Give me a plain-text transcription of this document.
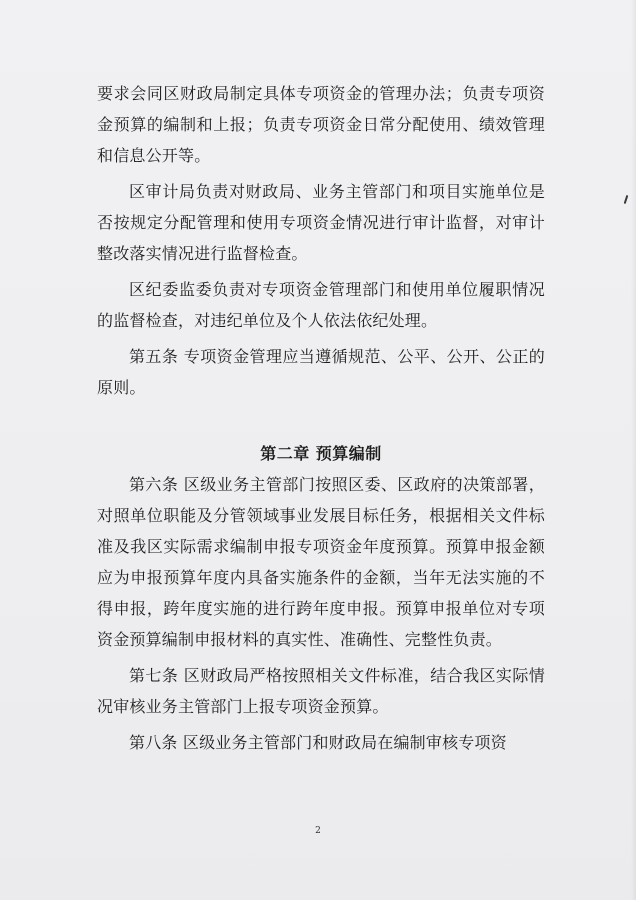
要求会同区财政局制定具体专项资金的管理办法；负责专项资金预算的编制和上报；负责专项资金日常分配使用、绩效管理和信息公开等。

区审计局负责对财政局、业务主管部门和项目实施单位是否按规定分配管理和使用专项资金情况进行审计监督，对审计整改落实情况进行监督检查。

区纪委监委负责对专项资金管理部门和使用单位履职情况的监督检查，对违纪单位及个人依法依纪处理。

第五条 专项资金管理应当遵循规范、公平、公开、公正的原则。

第二章 预算编制

第六条 区级业务主管部门按照区委、区政府的决策部署，对照单位职能及分管领域事业发展目标任务，根据相关文件标准及我区实际需求编制申报专项资金年度预算。预算申报金额应为申报预算年度内具备实施条件的金额，当年无法实施的不得申报，跨年度实施的进行跨年度申报。预算申报单位对专项资金预算编制申报材料的真实性、准确性、完整性负责。

第七条 区财政局严格按照相关文件标准，结合我区实际情况审核业务主管部门上报专项资金预算。

第八条 区级业务主管部门和财政局在编制审核专项资

2
